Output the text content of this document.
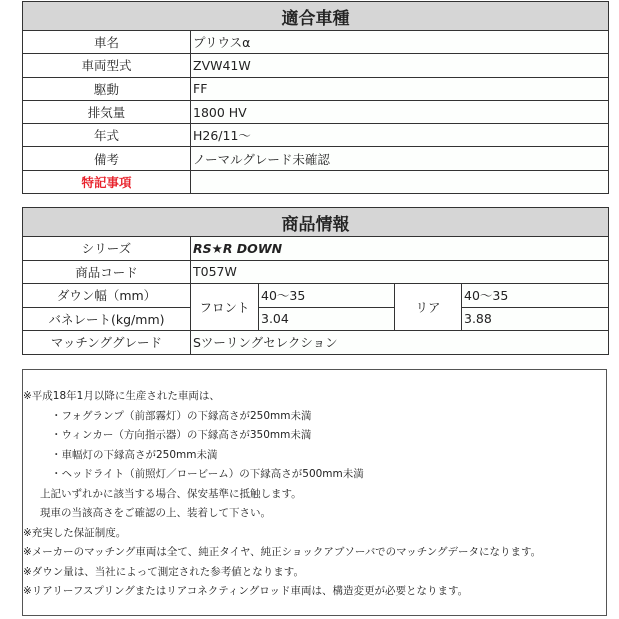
適合車種	
車名	プリウスα
車両型式	ZVW41W
駆動	FF
排気量	1800 HV
年式	H26/11～
備考	ノーマルグレード未確認
特記事項	
商品情報				
シリーズ	RS★R DOWN			
商品コード	T057W			
ダウン幅（mm）	フロント	40～35	リア	40～35
バネレート(kg/mm)		3.04		3.88
マッチンググレード	Sツーリングセレクション			
※平成18年1月以降に生産された車両は、
・フォグランプ（前部霧灯）の下縁高さが250mm未満
・ウィンカー（方向指示器）の下縁高さが350mm未満
・車幅灯の下縁高さが250mm未満
・ヘッドライト（前照灯／ロービーム）の下縁高さが500mm未満
上記いずれかに該当する場合、保安基準に抵触します。
現車の当該高さをご確認の上、装着して下さい。
※充実した保証制度。
※メーカーのマッチング車両は全て、純正タイヤ、純正ショックアブソーバでのマッチングデータになります。
※ダウン量は、当社によって測定された参考値となります。
※リアリーフスプリングまたはリアコネクティングロッド車両は、構造変更が必要となります。
